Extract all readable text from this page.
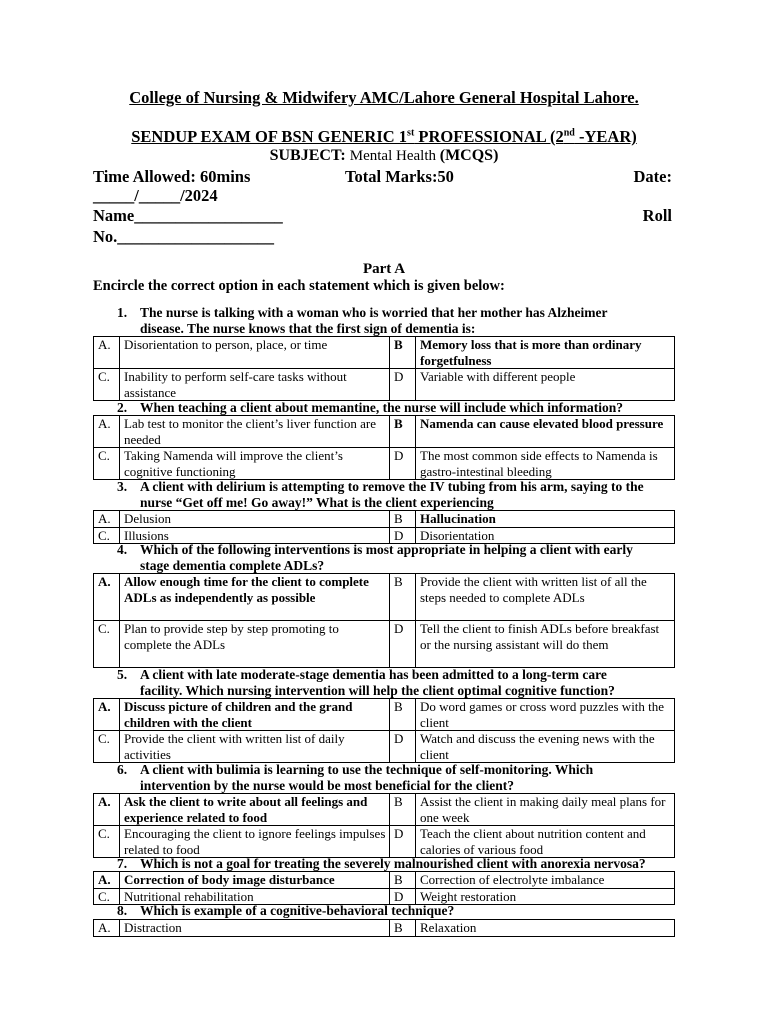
College of Nursing & Midwifery AMC/Lahore General Hospital Lahore.
SENDUP EXAM OF BSN GENERIC 1st PROFESSIONAL (2nd -YEAR)
SUBJECT: Mental Health (MCQS)
Time Allowed: 60mins	Total Marks:50	Date:
_____/_____/2024
Name__________________	Roll
No.___________________
Part A
Encircle the correct option in each statement which is given below:
1. The nurse is talking with a woman who is worried that her mother has Alzheimer
disease. The nurse knows that the first sign of dementia is:
A.	Disorientation to person, place, or time	B	Memory loss that is more than ordinary forgetfulness
C.	Inability to perform self-care tasks without assistance	D	Variable with different people
2. When teaching a client about memantine, the nurse will include which information?
A.	Lab test to monitor the client’s liver function are needed	B	Namenda can cause elevated blood pressure
C.	Taking Namenda will improve the client’s cognitive functioning	D	The most common side effects to Namenda is gastro-intestinal bleeding
3. A client with delirium is attempting to remove the IV tubing from his arm, saying to the
nurse “Get off me! Go away!” What is the client experiencing
A.	Delusion	B	Hallucination
C.	Illusions	D	Disorientation
4. Which of the following interventions is most appropriate in helping a client with early
stage dementia complete ADLs?
A.	Allow enough time for the client to complete ADLs as independently as possible	B	Provide the client with written list of all the steps needed to complete ADLs
C.	Plan to provide step by step promoting to complete the ADLs	D	Tell the client to finish ADLs before breakfast or the nursing assistant will do them
5. A client with late moderate-stage dementia has been admitted to a long-term care
facility. Which nursing intervention will help the client optimal cognitive function?
A.	Discuss picture of children and the grand children with the client	B	Do word games or cross word puzzles with the client
C.	Provide the client with written list of daily activities	D	Watch and discuss the evening news with the client
6. A client with bulimia is learning to use the technique of self-monitoring. Which
intervention by the nurse would be most beneficial for the client?
A.	Ask the client to write about all feelings and experience related to food	B	Assist the client in making daily meal plans for one week
C.	Encouraging the client to ignore feelings impulses related to food	D	Teach the client about nutrition content and calories of various food
7. Which is not a goal for treating the severely malnourished client with anorexia nervosa?
A.	Correction of body image disturbance	B	Correction of electrolyte imbalance
C.	Nutritional rehabilitation	D	Weight restoration
8. Which is example of a cognitive-behavioral technique?
A.	Distraction	B	Relaxation
